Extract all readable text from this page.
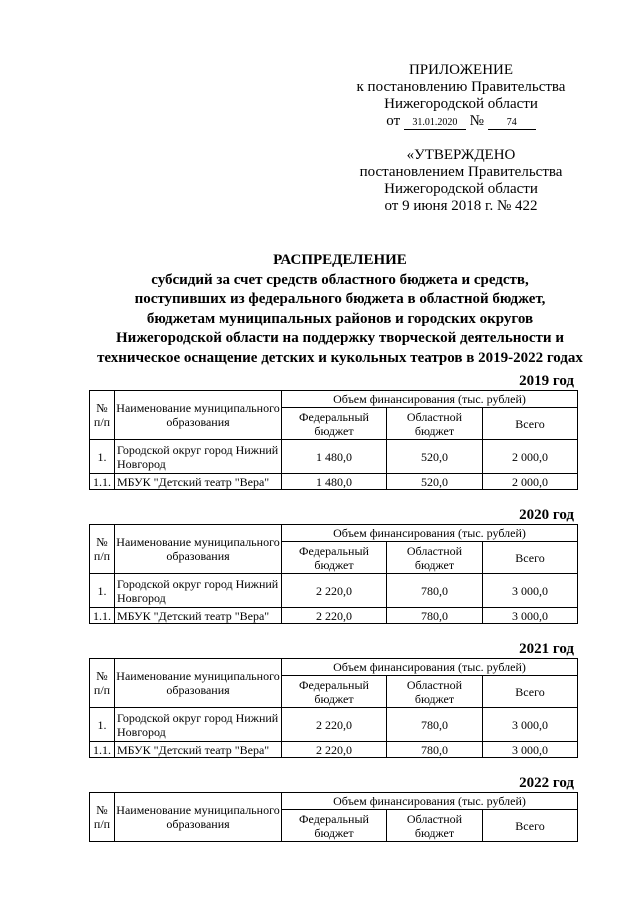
ПРИЛОЖЕНИЕ
к постановлению Правительства
Нижегородской области
от 31.01.2020 № 74
«УТВЕРЖДЕНО
постановлением Правительства
Нижегородской области
от 9 июня 2018 г. № 422
РАСПРЕДЕЛЕНИЕ
субсидий за счет средств областного бюджета и средств,
поступивших из федерального бюджета в областной бюджет,
бюджетам муниципальных районов и городских округов
Нижегородской области на поддержку творческой деятельности и
техническое оснащение детских и кукольных театров в 2019-2022 годах
2019 год
№ п/п	Наименование муниципального образования	Объем финансирования (тыс. рублей)		
		Федеральный бюджет	Областной бюджет	Всего
1.	Городской округ город Нижний Новгород	1 480,0	520,0	2 000,0
1.1.	МБУК "Детский театр "Вера"	1 480,0	520,0	2 000,0
2020 год
№ п/п	Наименование муниципального образования	Объем финансирования (тыс. рублей)		
		Федеральный бюджет	Областной бюджет	Всего
1.	Городской округ город Нижний Новгород	2 220,0	780,0	3 000,0
1.1.	МБУК "Детский театр "Вера"	2 220,0	780,0	3 000,0
2021 год
№ п/п	Наименование муниципального образования	Объем финансирования (тыс. рублей)		
		Федеральный бюджет	Областной бюджет	Всего
1.	Городской округ город Нижний Новгород	2 220,0	780,0	3 000,0
1.1.	МБУК "Детский театр "Вера"	2 220,0	780,0	3 000,0
2022 год
№ п/п	Наименование муниципального образования	Объем финансирования (тыс. рублей)		
		Федеральный бюджет	Областной бюджет	Всего
